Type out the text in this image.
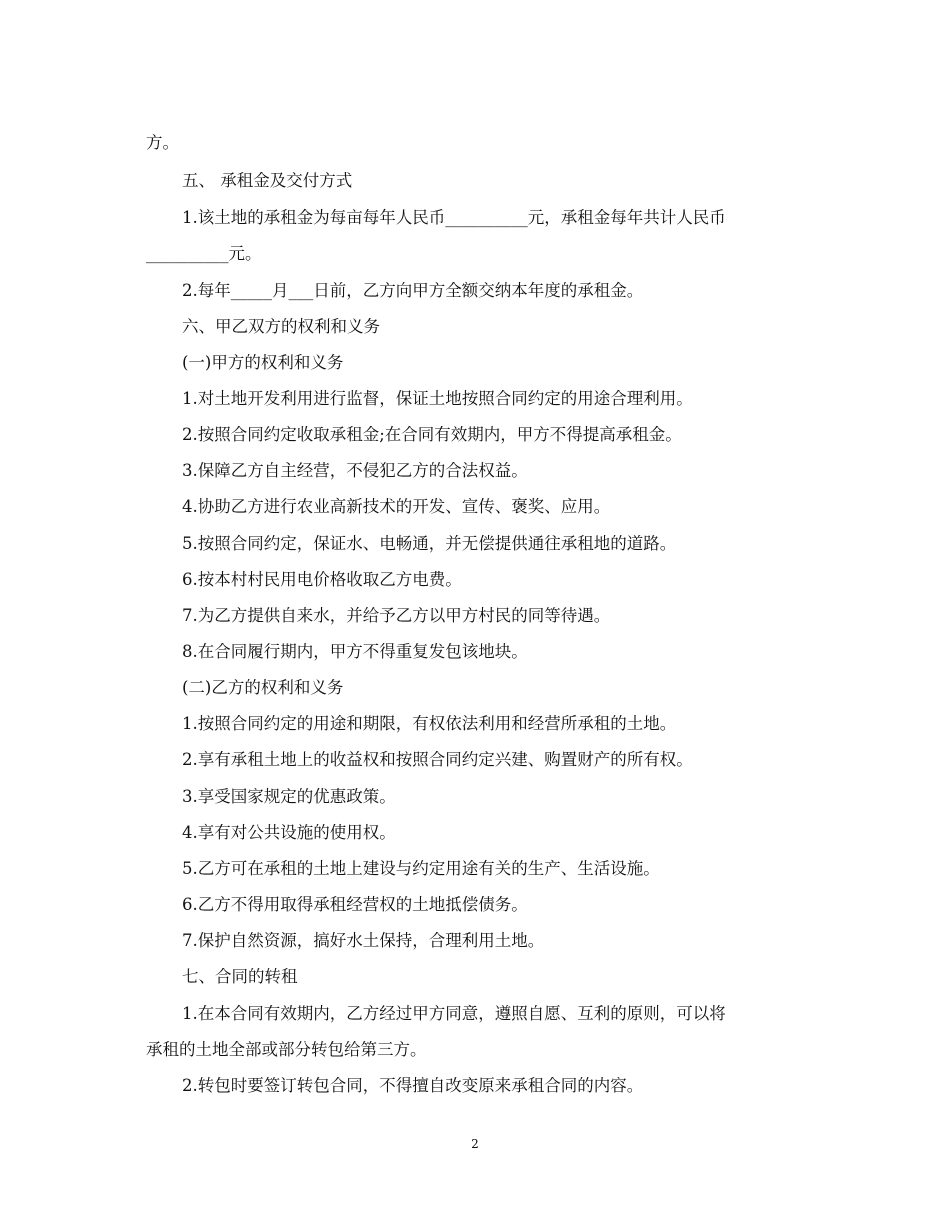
方。
五、 承租金及交付方式
1.该土地的承租金为每亩每年人民币__________元，承租金每年共计人民币
__________元。
2.每年_____月___日前，乙方向甲方全额交纳本年度的承租金。
六、甲乙双方的权利和义务
(一)甲方的权利和义务
1.对土地开发利用进行监督，保证土地按照合同约定的用途合理利用。
2.按照合同约定收取承租金;在合同有效期内，甲方不得提高承租金。
3.保障乙方自主经营，不侵犯乙方的合法权益。
4.协助乙方进行农业高新技术的开发、宣传、褒奖、应用。
5.按照合同约定，保证水、电畅通，并无偿提供通往承租地的道路。
6.按本村村民用电价格收取乙方电费。
7.为乙方提供自来水，并给予乙方以甲方村民的同等待遇。
8.在合同履行期内，甲方不得重复发包该地块。
(二)乙方的权利和义务
1.按照合同约定的用途和期限，有权依法利用和经营所承租的土地。
2.享有承租土地上的收益权和按照合同约定兴建、购置财产的所有权。
3.享受国家规定的优惠政策。
4.享有对公共设施的使用权。
5.乙方可在承租的土地上建设与约定用途有关的生产、生活设施。
6.乙方不得用取得承租经营权的土地抵偿债务。
7.保护自然资源，搞好水土保持，合理利用土地。
七、合同的转租
1.在本合同有效期内，乙方经过甲方同意，遵照自愿、互利的原则，可以将
承租的土地全部或部分转包给第三方。
2.转包时要签订转包合同，不得擅自改变原来承租合同的内容。
2
